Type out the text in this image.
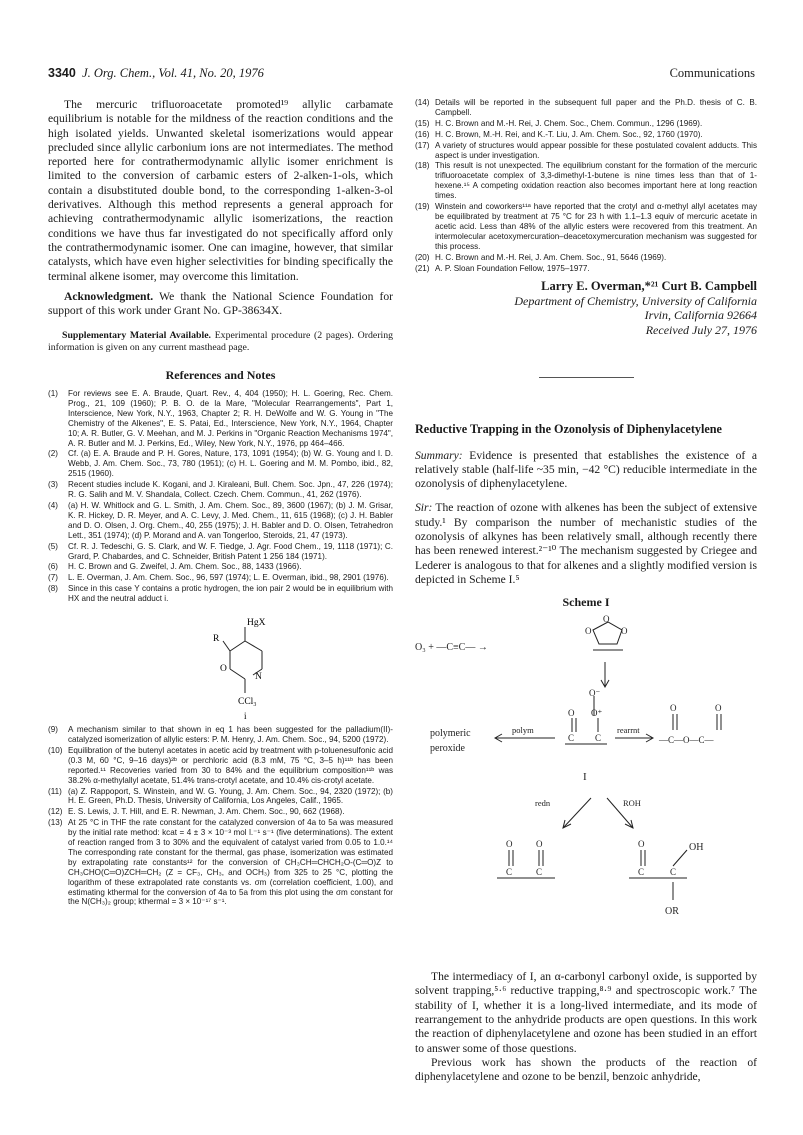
3340 J. Org. Chem., Vol. 41, No. 20, 1976	Communications

The mercuric trifluoroacetate promoted¹⁹ allylic carbamate equilibrium is notable for the mildness of the reaction conditions and the high isolated yields. Unwanted skeletal isomerizations would appear precluded since allylic carbonium ions are not intermediates. The method reported here for contrathermodynamic allylic isomer enrichment is limited to the conversion of carbamic esters of 2-alken-1-ols, which contain a disubstituted double bond, to the corresponding 1-alken-3-ol derivatives. Although this method represents a general approach for achieving contrathermodynamic allylic isomerizations, the reaction conditions we have thus far investigated do not specifically afford only the contrathermodynamic isomer. One can imagine, however, that similar catalysts, which have even higher selectivities for binding specifically the terminal alkene isomer, may overcome this limitation.

Acknowledgment. We thank the National Science Foundation for support of this work under Grant No. GP-38634X.

Supplementary Material Available. Experimental procedure (2 pages). Ordering information is given on any current masthead page.

References and Notes
(1)	For reviews see E. A. Braude, Quart. Rev., 4, 404 (1950); H. L. Goering, Rec. Chem. Prog., 21, 109 (1960); P. B. O. de la Mare, "Molecular Rearrangements", Part 1, Interscience, New York, N.Y., 1963, Chapter 2; R. H. DeWolfe and W. G. Young in "The Chemistry of the Alkenes", E. S. Patai, Ed., Interscience, New York, N.Y., 1964, Chapter 10; A. R. Butler, G. V. Meehan, and M. J. Perkins in "Organic Reaction Mechanisms 1974", A. R. Butler and M. J. Perkins, Ed., Wiley, New York, N.Y., 1976, pp 464–466.
(2)	Cf. (a) E. A. Braude and P. H. Gores, Nature, 173, 1091 (1954); (b) W. G. Young and I. D. Webb, J. Am. Chem. Soc., 73, 780 (1951); (c) H. L. Goering and M. M. Pombo, ibid., 82, 2515 (1960).
(3)	Recent studies include K. Kogani, and J. Kiraleani, Bull. Chem. Soc. Jpn., 47, 226 (1974); R. G. Salih and M. V. Shandala, Collect. Czech. Chem. Commun., 41, 262 (1976).
(4)	(a) H. W. Whitlock and G. L. Smith, J. Am. Chem. Soc., 89, 3600 (1967); (b) J. M. Grisar, K. R. Hickey, D. R. Meyer, and A. C. Levy, J. Med. Chem., 11, 615 (1968); (c) J. H. Babler and D. O. Olsen, J. Org. Chem., 40, 255 (1975); J. H. Babler and D. O. Olsen, Tetrahedron Lett., 351 (1974); (d) P. Morand and A. van Tongerloo, Steroids, 21, 47 (1973).
(5)	Cf. R. J. Tedeschi, G. S. Clark, and W. F. Tiedge, J. Agr. Food Chem., 19, 1118 (1971); C. Grard, P. Chabardes, and C. Schneider, British Patent 1 256 184 (1971).
(6)	H. C. Brown and G. Zweifel, J. Am. Chem. Soc., 88, 1433 (1966).
(7)	L. E. Overman, J. Am. Chem. Soc., 96, 597 (1974); L. E. Overman, ibid., 98, 2901 (1976).
(8)	Since in this case Y contains a protic hydrogen, the ion pair 2 would be in equilibrium with HX and the neutral adduct i.
HgX
R
O
N
CCl₃
i
(9)	A mechanism similar to that shown in eq 1 has been suggested for the palladium(II)-catalyzed isomerization of allylic esters: P. M. Henry, J. Am. Chem. Soc., 94, 5200 (1972).
(10) Equilibration of the butenyl acetates in acetic acid by treatment with p-toluenesulfonic acid (0.3 M, 60 °C, 9–16 days)²ᵇ or perchloric acid (8.3 mM, 75 °C, 3–5 h)¹¹ᵇ has been reported.¹¹ Recoveries varied from 30 to 84% and the equilibrium composition¹¹ᵇ was 38.2% α-methylallyl acetate, 51.4% trans-crotyl acetate, and 10.4% cis-crotyl acetate.
(11) (a) Z. Rappoport, S. Winstein, and W. G. Young, J. Am. Chem. Soc., 94, 2320 (1972); (b) H. E. Green, Ph.D. Thesis, University of California, Los Angeles, Calif., 1965.
(12) E. S. Lewis, J. T. Hill, and E. R. Newman, J. Am. Chem. Soc., 90, 662 (1968).
(13) At 25 °C in THF the rate constant for the catalyzed conversion of 4a to 5a was measured by the initial rate method: kcat = 4 ± 3 × 10⁻³ mol l.⁻¹ s⁻¹ (five determinations). The extent of reaction ranged from 3 to 30% and the equivalent of catalyst varied from 0.05 to 1.0.¹⁴ The corresponding rate constant for the thermal, gas phase, isomerization was estimated by extrapolating rate constants¹² for the conversion of CH₃CH═CHCH₂O-(C═O)Z to CH₃CHO(C═O)ZCH═CH₂ (Z = CF₃, CH₃, and OCH₃) from 325 to 25 °C, plotting the logarithm of these extrapolated rate constants vs. σm (correlation coefficient, 1.00), and estimating kthermal for the conversion of 4a to 5a from this plot using the σm constant for the N(CH₃)₂ group; kthermal = 3 × 10⁻¹⁷ s⁻¹.
(14) Details will be reported in the subsequent full paper and the Ph.D. thesis of C. B. Campbell.
(15) H. C. Brown and M.-H. Rei, J. Chem. Soc., Chem. Commun., 1296 (1969).
(16) H. C. Brown, M.-H. Rei, and K.-T. Liu, J. Am. Chem. Soc., 92, 1760 (1970).
(17) A variety of structures would appear possible for these postulated covalent adducts. This aspect is under investigation.
(18) This result is not unexpected. The equilibrium constant for the formation of the mercuric trifluoroacetate complex of 3,3-dimethyl-1-butene is nine times less than that of 1-hexene.¹⁵ A competing oxidation reaction also becomes important here at long reaction times.
(19) Winstein and coworkers¹¹ᵃ have reported that the crotyl and α-methyl allyl acetates may be equilibrated by treatment at 75 °C for 23 h with 1.1–1.3 equiv of mercuric acetate in acetic acid. Less than 48% of the allylic esters were recovered from this treatment. An intermolecular acetoxymercuration–deacetoxymercuration mechanism was suggested for this process.
(20) H. C. Brown and M.-H. Rei, J. Am. Chem. Soc., 91, 5646 (1969).
(21) A. P. Sloan Foundation Fellow, 1975–1977.
Larry E. Overman,*²¹ Curt B. Campbell
Department of Chemistry, University of California
Irvin, California 92664
Received July 27, 1976
Reductive Trapping in the Ozonolysis of Diphenylacetylene

Summary: Evidence is presented that establishes the existence of a relatively stable (half-life ~35 min, −42 °C) reducible intermediate in the ozonolysis of diphenylacetylene.

Sir: The reaction of ozone with alkenes has been the subject of extensive study.¹ By comparison the number of mechanistic studies of the ozonolysis of alkynes has been relatively small, although recently there has been renewed interest.²⁻¹⁰ The mechanism suggested by Criegee and Lederer is analogous to that for alkenes and a slightly modified version is depicted in Scheme I.⁵

Scheme I
O₃ + —C≡C— →
O
O	O
O⁻
O O⁺
C C
polymeric
peroxide
polym	rearrnt
O	O
—C—O—C—
I
redn	ROH
O	O
C	C
O
C	C
OH
OR

The intermediacy of I, an α-carbonyl carbonyl oxide, is supported by solvent trapping,⁵·⁶ reductive trapping,⁸·⁹ and spectroscopic work.⁷ The stability of I, whether it is a long-lived intermediate, and its mode of rearrangement to the anhydride products are open questions. In this work the reaction of diphenylacetylene and ozone has been studied in an effort to answer some of those questions.

Previous work has shown the products of the reaction of diphenylacetylene and ozone to be benzil, benzoic anhydride,
